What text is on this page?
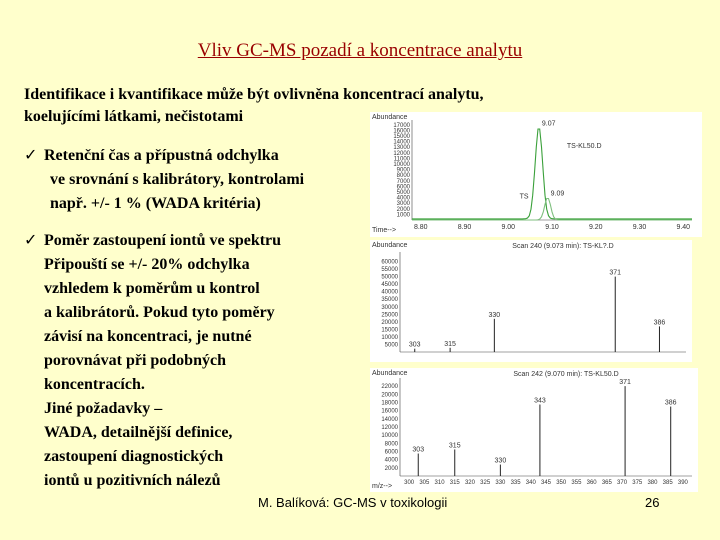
Vliv GC-MS pozadí a koncentrace analytu
Identifikace i kvantifikace může být ovlivněna koncentrací analytu,
koelujícími látkami, nečistotami
✓ Retenční čas a přípustná odchylka
ve srovnání s kalibrátory, kontrolami
např. +/- 1 % (WADA kritéria)
✓ Poměr zastoupení iontů ve spektru
Připouští se +/- 20% odchylka
vzhledem k poměrům u kontrol
a kalibrátorů. Pokud tyto poměry
závisí na koncentraci, je nutné
porovnávat při podobných
koncentracích.
Jiné požadavky –
WADA, detailnější definice,
zastoupení diagnostických
iontů u pozitivních nálezů
Abundance
17000
16000
15000
14000
13000
12000
11000
10000
9000
8000
7000
6000
5000
4000
3000
2000
1000
8.80	8.90	9.00	9.10	9.20	9.30	9.40
Time-->
9.07
9.09
TS-KL50.D
TS
Abundance	Scan 240 (9.073 min): TS-KL?.D
60000
55000
50000
45000
40000
35000
30000
25000
20000
15000
10000
5000 303	315
330
371
386
Abundance	Scan 242 (9.070 min): TS-KL50.D
22000
20000
18000
16000
14000
12000
10000
8000
6000
4000
2000
300 305 310 315 320 325 330 335 340 345 350 355 360 365 370 375 380 385 390
m/z-->
303
315
330
343
371
386
M. Balíková: GC-MS v toxikologii	26
